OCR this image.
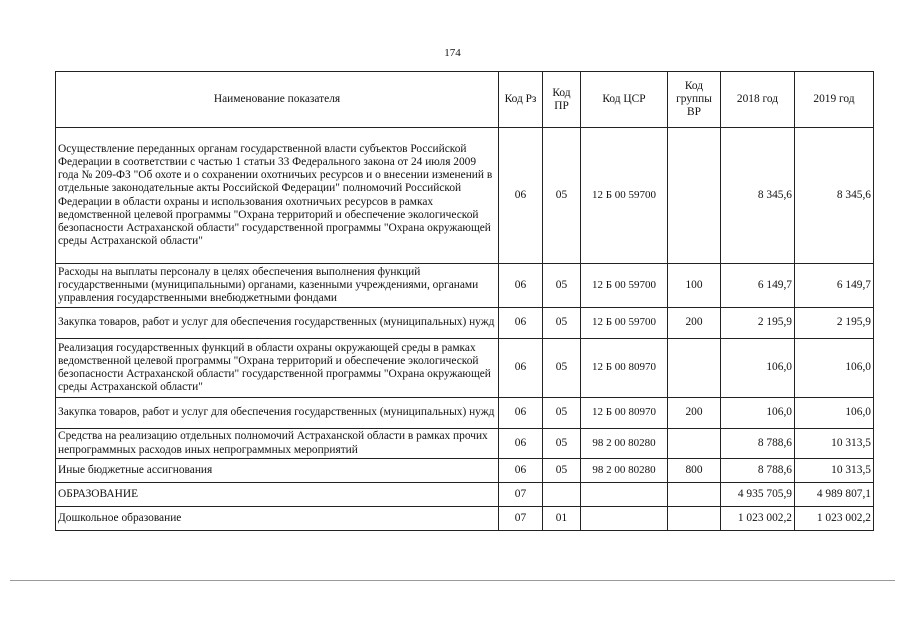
174
Наименование показателя	Код Рз	Код ПР	Код ЦСР	Код группы ВР	2018 год	2019 год
Осуществление переданных органам государственной власти субъектов Российской Федерации в соответствии с частью 1 статьи 33 Федерального закона от 24 июля 2009 года № 209-ФЗ "Об охоте и о сохранении охотничьих ресурсов и о внесении изменений в отдельные законодательные акты Российской Федерации" полномочий Российской Федерации в области охраны и использования охотничьих ресурсов в рамках ведомственной целевой программы "Охрана территорий и обеспечение экологической безопасности Астраханской области" государственной программы "Охрана окружающей среды Астраханской области"	06	05	12 Б 00 59700		8 345,6	8 345,6
Расходы на выплаты персоналу в целях обеспечения выполнения функций государственными (муниципальными) органами, казенными учреждениями, органами управления государственными внебюджетными фондами	06	05	12 Б 00 59700	100	6 149,7	6 149,7
Закупка товаров, работ и услуг для обеспечения государственных (муниципальных) нужд	06	05	12 Б 00 59700	200	2 195,9	2 195,9
Реализация государственных функций в области охраны окружающей среды в рамках ведомственной целевой программы "Охрана территорий и обеспечение экологической безопасности Астраханской области" государственной программы "Охрана окружающей среды Астраханской области"	06	05	12 Б 00 80970		106,0	106,0
Закупка товаров, работ и услуг для обеспечения государственных (муниципальных) нужд	06	05	12 Б 00 80970	200	106,0	106,0
Средства на реализацию отдельных полномочий Астраханской области в рамках прочих непрограммных расходов иных непрограммных мероприятий	06	05	98 2 00 80280		8 788,6	10 313,5
Иные бюджетные ассигнования	06	05	98 2 00 80280	800	8 788,6	10 313,5
ОБРАЗОВАНИЕ	07				4 935 705,9	4 989 807,1
Дошкольное образование	07	01			1 023 002,2	1 023 002,2
